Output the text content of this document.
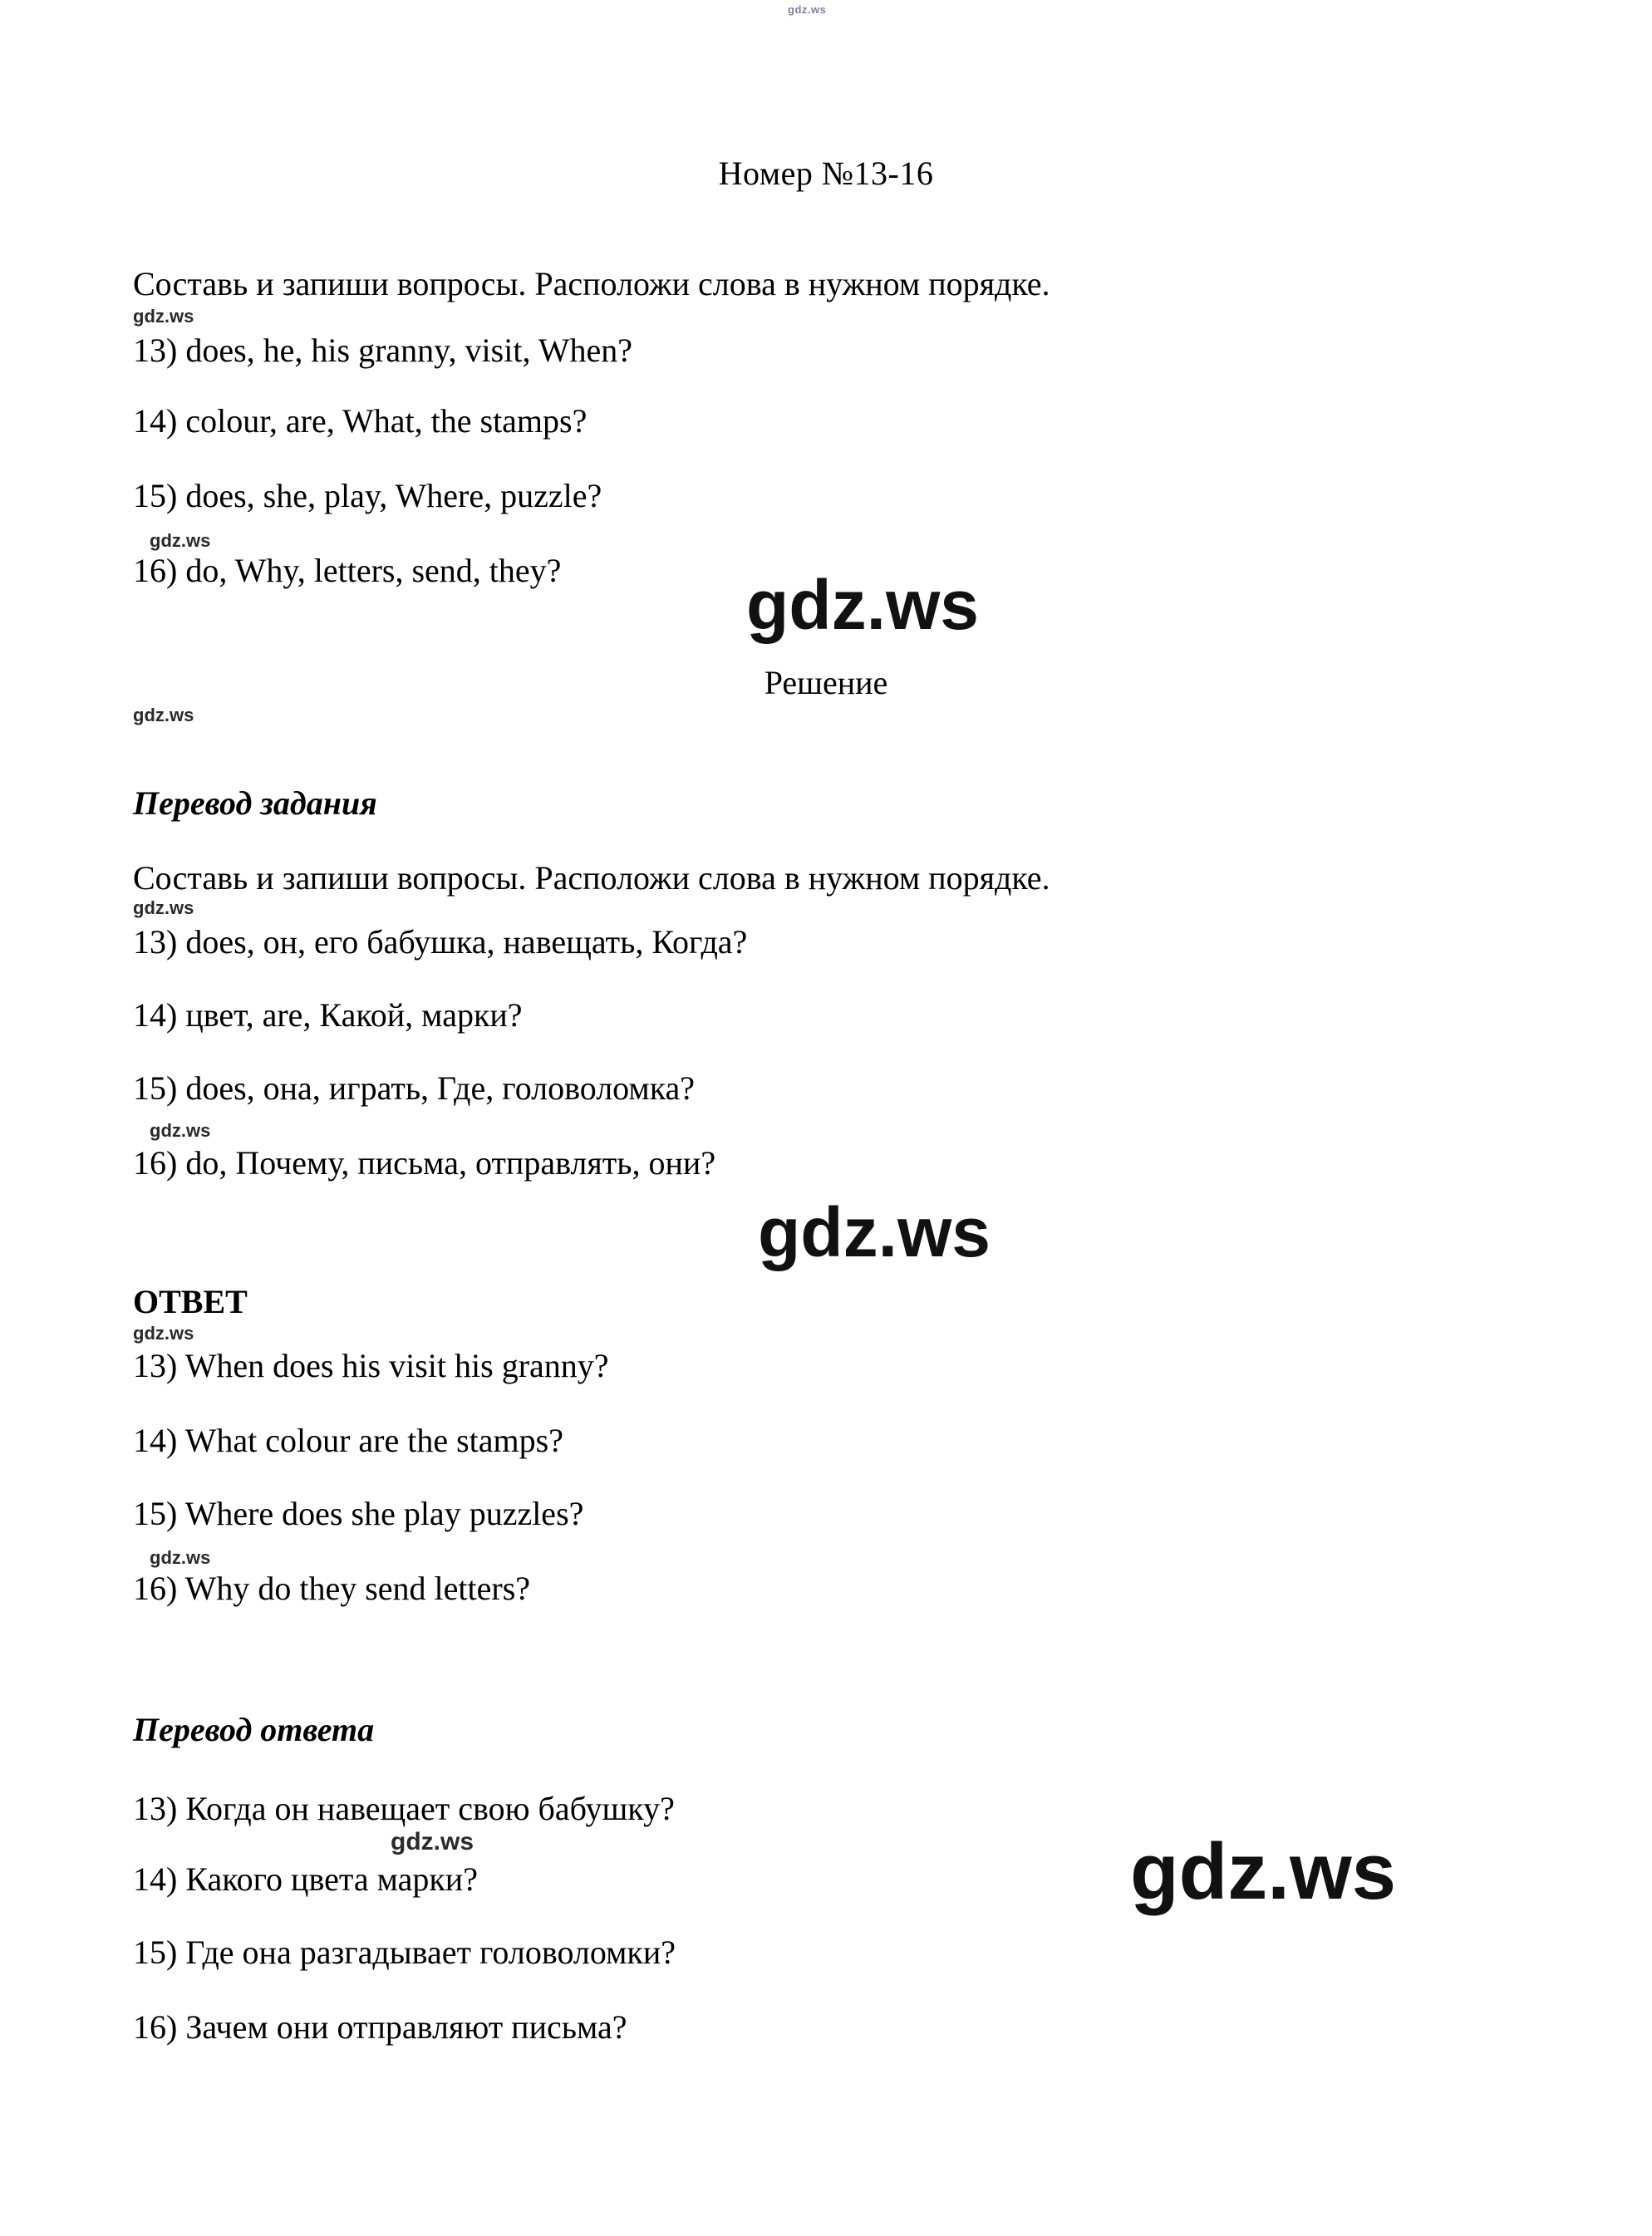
gdz.ws
Номер №13-16
Составь и запиши вопросы. Расположи слова в нужном порядке.
gdz.ws
13) does, he, his granny, visit, When?
14) colour, are, What, the stamps?
15) does, she, play, Where, puzzle?
gdz.ws
16) do, Why, letters, send, they?	gdz.ws
Решение
gdz.ws
Перевод задания
Составь и запиши вопросы. Расположи слова в нужном порядке.
gdz.ws
13) does, он, его бабушка, навещать, Когда?
14) цвет, are, Какой, марки?
15) does, она, играть, Где, головоломка?
gdz.ws
16) do, Почему, письма, отправлять, они?
gdz.ws
ОТВЕТ
gdz.ws
13) When does his visit his granny?
14) What colour are the stamps?
15) Where does she play puzzles?
gdz.ws
16) Why do they send letters?
Перевод ответа
13) Когда он навещает свою бабушку?
gdz.ws
14) Какого цвета марки?
15) Где она разгадывает головоломки?
16) Зачем они отправляют письма?
gdz.ws
